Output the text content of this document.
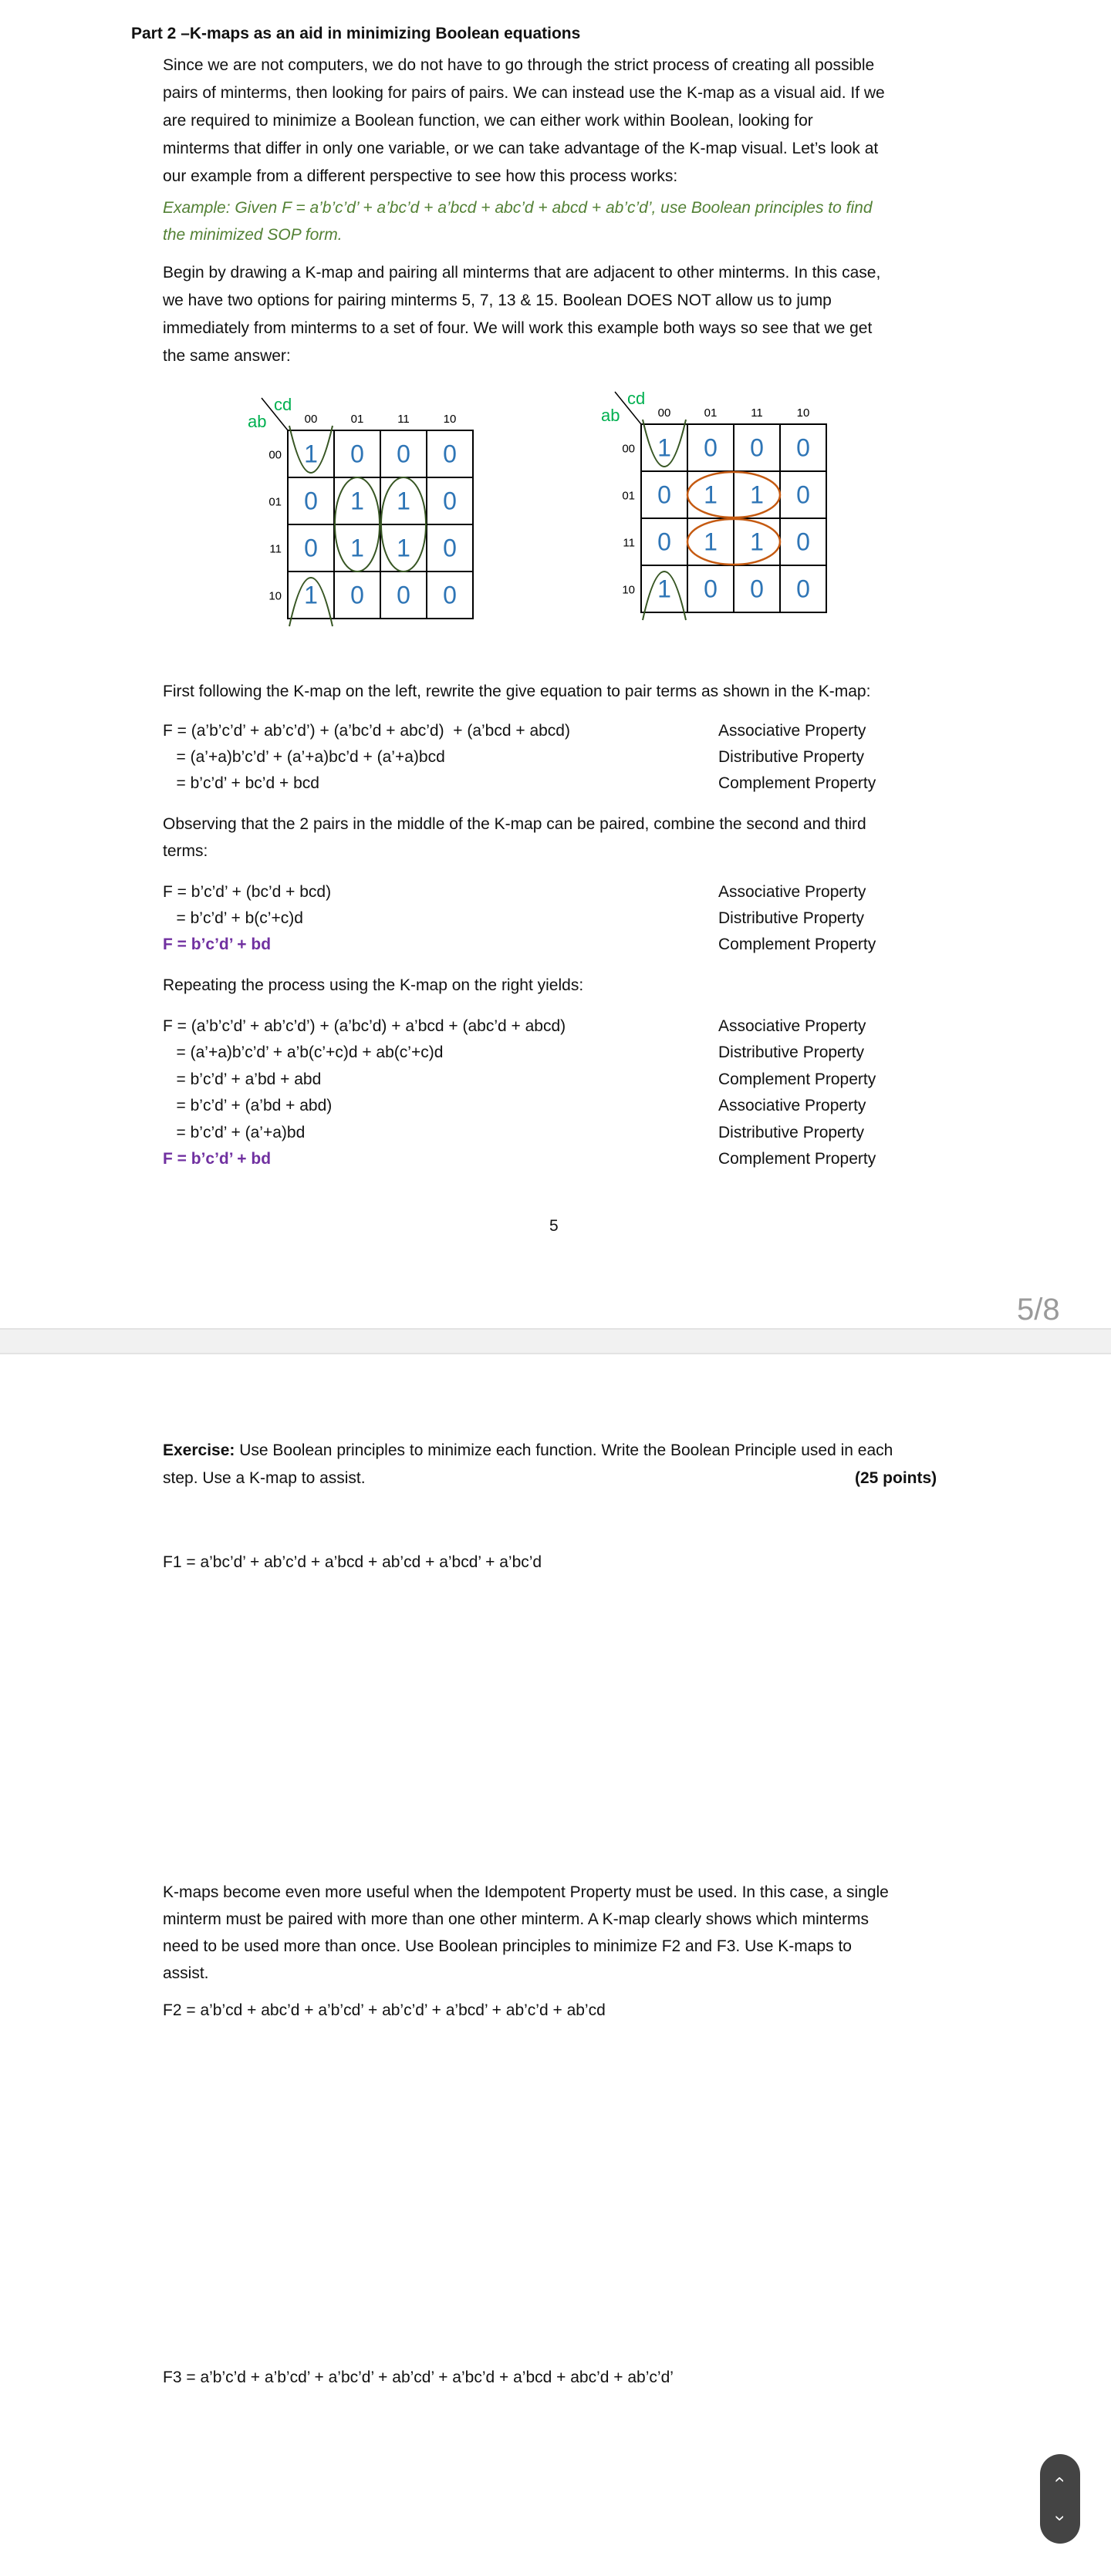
Part 2 –K-maps as an aid in minimizing Boolean equations
Since we are not computers, we do not have to go through the strict process of creating all possible
pairs of minterms, then looking for pairs of pairs. We can instead use the K-map as a visual aid. If we
are required to minimize a Boolean function, we can either work within Boolean, looking for
minterms that differ in only one variable, or we can take advantage of the K-map visual. Let’s look at
our example from a different perspective to see how this process works:
Example: Given F = a’b’c’d’ + a’bc’d + a’bcd + abc’d + abcd + ab’c’d’, use Boolean principles to find
the minimized SOP form.
Begin by drawing a K-map and pairing all minterms that are adjacent to other minterms. In this case,
we have two options for pairing minterms 5, 7, 13 & 15. Boolean DOES NOT allow us to jump
immediately from minterms to a set of four. We will work this example both ways so see that we get
the same answer:
ab
cd
00	01	11	10
00
01
11
10
1 0 0 0
0 1 1 0
0 1 1 0
1 0 0 0
ab
cd
00	01	11	10
00
01
11
10
1 0 0 0
0 1 1 0
0 1 1 0
1 0 0 0
First following the K-map on the left, rewrite the give equation to pair terms as shown in the K-map:
F = (a’b’c’d’ + ab’c’d’) + (a’bc’d + abc’d)  + (a’bcd + abcd)	Associative Property
= (a’+a)b’c’d’ + (a’+a)bc’d + (a’+a)bcd	Distributive Property
= b’c’d’ + bc’d + bcd	Complement Property
Observing that the 2 pairs in the middle of the K-map can be paired, combine the second and third
terms:
F = b’c’d’ + (bc’d + bcd)	Associative Property
= b’c’d’ + b(c’+c)d	Distributive Property
F = b’c’d’ + bd	Complement Property
Repeating the process using the K-map on the right yields:
F = (a’b’c’d’ + ab’c’d’) + (a’bc’d) + a’bcd + (abc’d + abcd)	Associative Property
= (a’+a)b’c’d’ + a’b(c’+c)d + ab(c’+c)d	Distributive Property
= b’c’d’ + a’bd + abd	Complement Property
= b’c’d’ + (a’bd + abd)	Associative Property
= b’c’d’ + (a’+a)bd	Distributive Property
F = b’c’d’ + bd	Complement Property
5
5/8
Exercise: Use Boolean principles to minimize each function. Write the Boolean Principle used in each
step. Use a K-map to assist.	(25 points)
F1 = a’bc’d’ + ab’c’d + a’bcd + ab’cd + a’bcd’ + a’bc’d
K-maps become even more useful when the Idempotent Property must be used. In this case, a single
minterm must be paired with more than one other minterm. A K-map clearly shows which minterms
need to be used more than once. Use Boolean principles to minimize F2 and F3. Use K-maps to
assist.
F2 = a’b’cd + abc’d + a’b’cd’ + ab’c’d’ + a’bcd’ + ab’c’d + ab’cd
F3 = a’b’c’d + a’b’cd’ + a’bc’d’ + ab’cd’ + a’bc’d + a’bcd + abc’d + ab’c’d’
‹
›
